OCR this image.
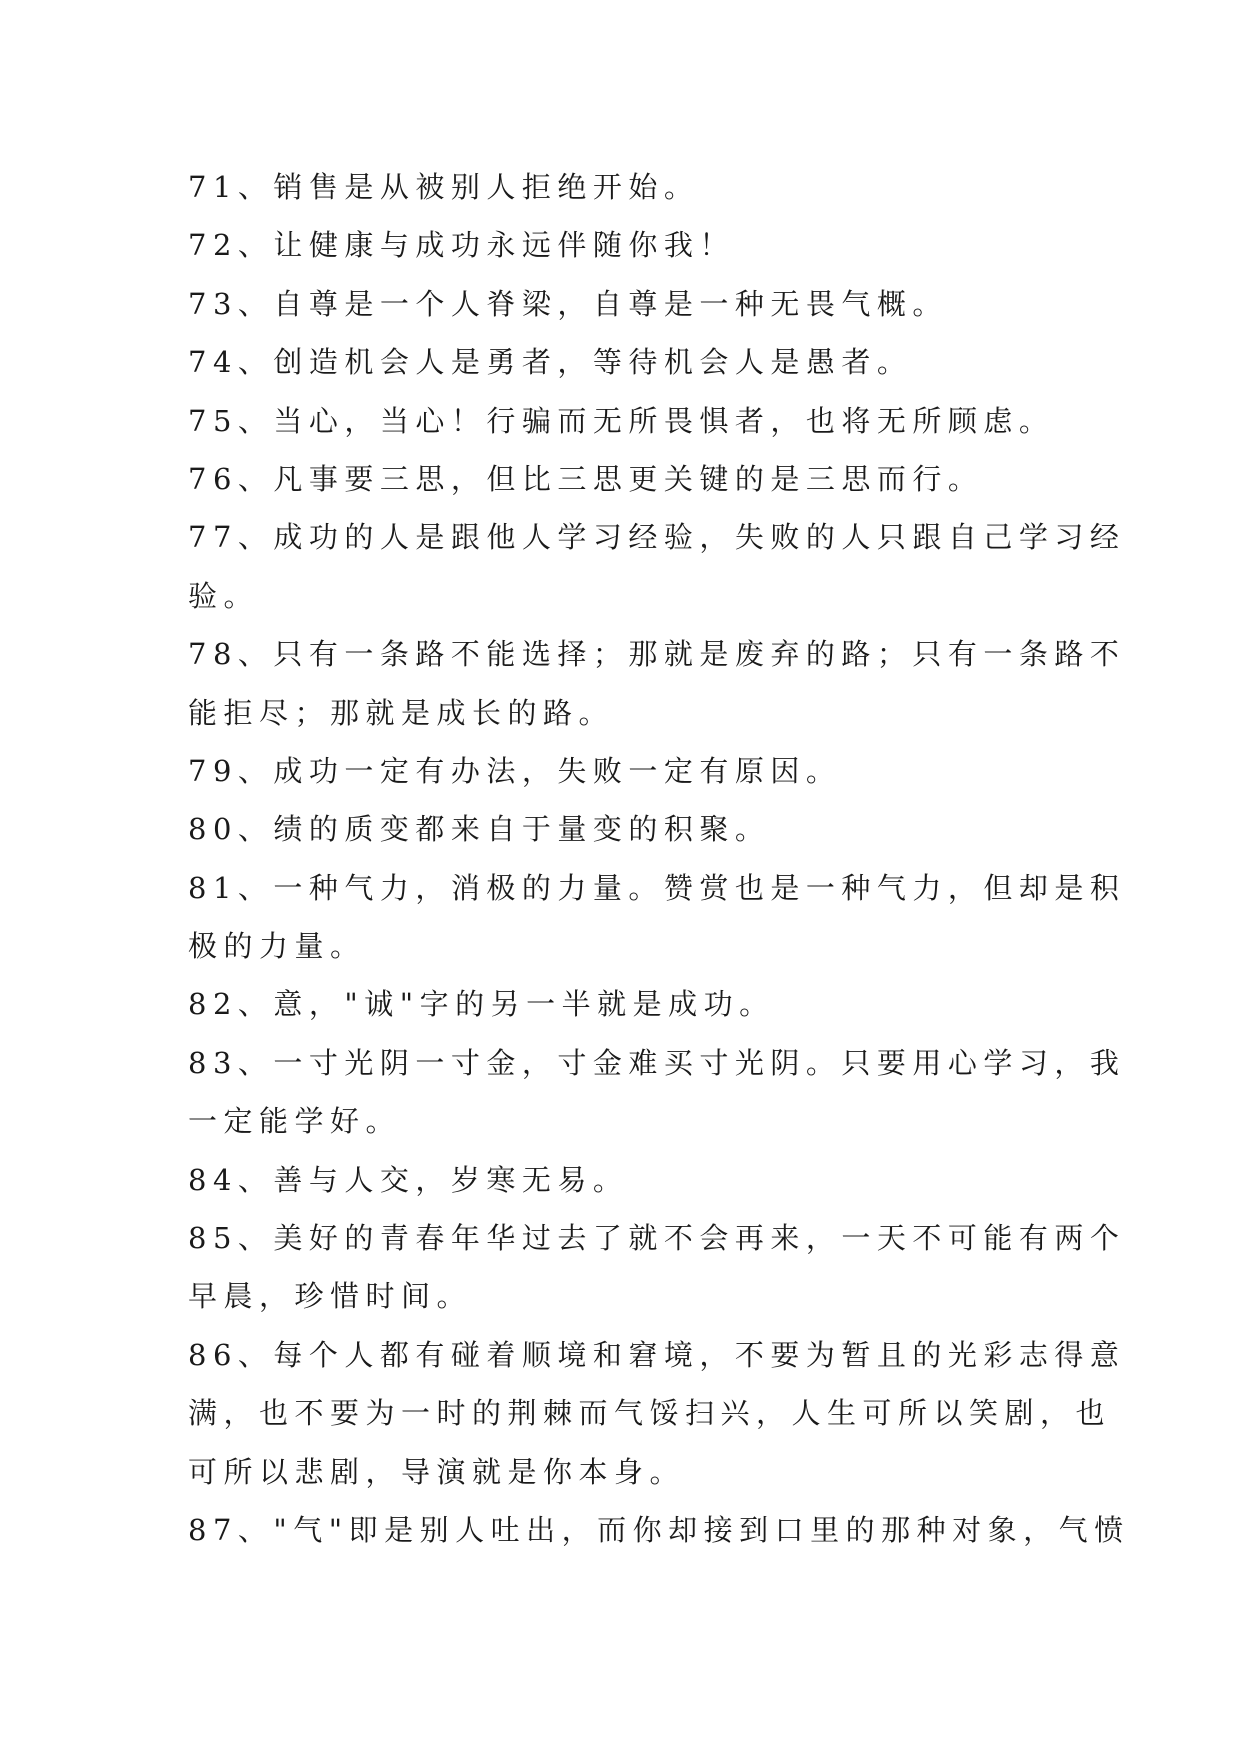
71、销售是从被别人拒绝开始。
72、让健康与成功永远伴随你我！
73、自尊是一个人脊梁，自尊是一种无畏气概。
74、创造机会人是勇者，等待机会人是愚者。
75、当心，当心！行骗而无所畏惧者，也将无所顾虑。
76、凡事要三思，但比三思更关键的是三思而行。
77、成功的人是跟他人学习经验，失败的人只跟自己学习经
验。
78、只有一条路不能选择；那就是废弃的路；只有一条路不
能拒尽；那就是成长的路。
79、成功一定有办法，失败一定有原因。
80、绩的质变都来自于量变的积聚。
81、一种气力，消极的力量。赞赏也是一种气力，但却是积
极的力量。
82、意，"诚"字的另一半就是成功。
83、一寸光阴一寸金，寸金难买寸光阴。只要用心学习，我
一定能学好。
84、善与人交，岁寒无易。
85、美好的青春年华过去了就不会再来，一天不可能有两个
早晨，珍惜时间。
86、每个人都有碰着顺境和窘境，不要为暂且的光彩志得意
满，也不要为一时的荆棘而气馁扫兴，人生可所以笑剧，也
可所以悲剧，导演就是你本身。
87、"气"即是别人吐出，而你却接到口里的那种对象，气愤
